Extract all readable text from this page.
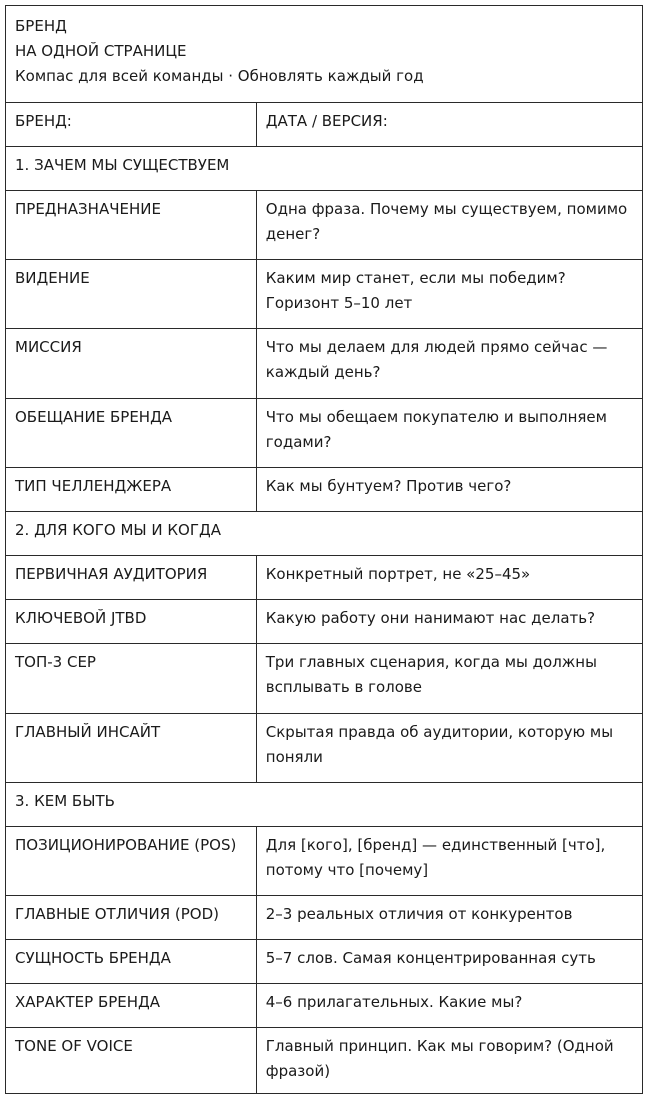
БРЕНД
НА ОДНОЙ СТРАНИЦЕ
Компас для всей команды · Обновлять каждый год	

БРЕНД:	ДАТА / ВЕРСИЯ:
1. ЗАЧЕМ МЫ СУЩЕСТВУЕМ	
ПРЕДНАЗНАЧЕНИЕ	Одна фраза. Почему мы существуем, помимо денег?
ВИДЕНИЕ	Каким мир станет, если мы победим? Горизонт 5–10 лет
МИССИЯ	Что мы делаем для людей прямо сейчас — каждый день?
ОБЕЩАНИЕ БРЕНДА	Что мы обещаем покупателю и выполняем годами?
ТИП ЧЕЛЛЕНДЖЕРА	Как мы бунтуем? Против чего?
2. ДЛЯ КОГО МЫ И КОГДА	
ПЕРВИЧНАЯ АУДИТОРИЯ	Конкретный портрет, не «25–45»
КЛЮЧЕВОЙ JTBD	Какую работу они нанимают нас делать?
ТОП-3 CEP	Три главных сценария, когда мы должны всплывать в голове
ГЛАВНЫЙ ИНСАЙТ	Скрытая правда об аудитории, которую мы поняли
3. КЕМ БЫТЬ	
ПОЗИЦИОНИРОВАНИЕ (POS)	Для [кого], [бренд] — единственный [что], потому что [почему]
ГЛАВНЫЕ ОТЛИЧИЯ (POD)	2–3 реальных отличия от конкурентов
СУЩНОСТЬ БРЕНДА	5–7 слов. Самая концентрированная суть
ХАРАКТЕР БРЕНДА	4–6 прилагательных. Какие мы?
TONE OF VOICE	Главный принцип. Как мы говорим? (Одной фразой)
